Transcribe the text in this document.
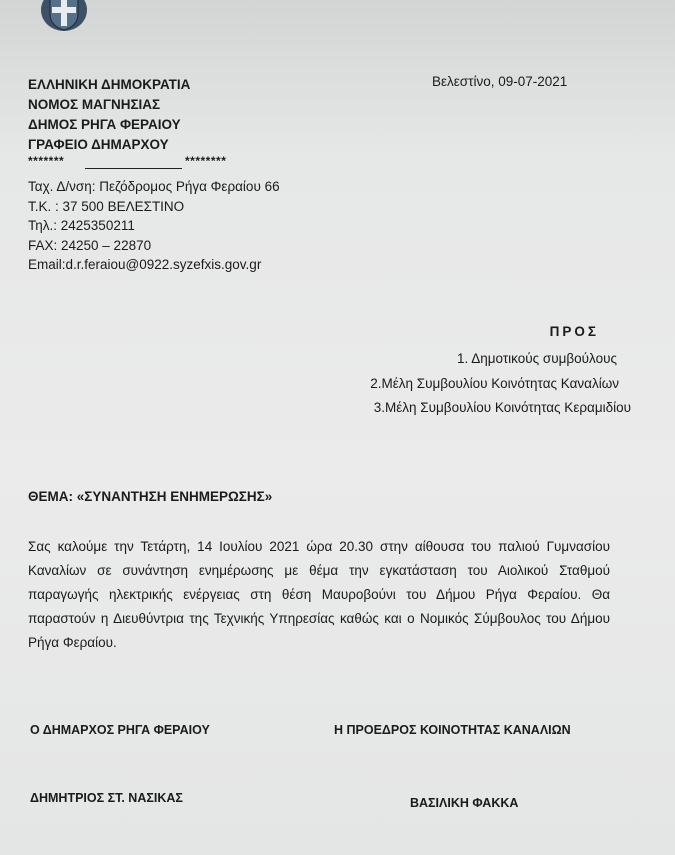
ΕΛΛΗΝΙΚΗ ΔΗΜΟΚΡΑΤΙΑ
ΝΟΜΟΣ ΜΑΓΝΗΣΙΑΣ
ΔΗΜΟΣ ΡΗΓΑ ΦΕΡΑΙΟΥ
ΓΡΑΦΕΙΟ ΔΗΜΑΡΧΟΥ
*******	********
Βελεστίνο, 09-07-2021
Ταχ. Δ/νση: Πεζόδρομος Ρήγα Φεραίου 66
Τ.Κ. : 37 500 ΒΕΛΕΣΤΙΝΟ
Τηλ.: 2425350211
FAX: 24250 – 22870
Email:d.r.feraiou@0922.syzefxis.gov.gr
ΠΡΟΣ
1. Δημοτικούς συμβούλους
2.Μέλη Συμβουλίου Κοινότητας Καναλίων
3.Μέλη Συμβουλίου Κοινότητας Κεραμιδίου
ΘΕΜΑ: «ΣΥΝΑΝΤΗΣΗ ΕΝΗΜΕΡΩΣΗΣ»
Σας καλούμε την Τετάρτη, 14 Ιουλίου 2021 ώρα 20.30 στην αίθουσα του παλιού Γυμνασίου Καναλίων σε συνάντηση ενημέρωσης με θέμα την εγκατάσταση του Αιολικού Σταθμού παραγωγής ηλεκτρικής ενέργειας στη θέση Μαυροβούνι του Δήμου Ρήγα Φεραίου. Θα παραστούν η Διευθύντρια της Τεχνικής Υπηρεσίας καθώς και ο Νομικός Σύμβουλος του Δήμου Ρήγα Φεραίου.
Ο ΔΗΜΑΡΧΟΣ ΡΗΓΑ ΦΕΡΑΙΟΥ	Η ΠΡΟΕΔΡΟΣ ΚΟΙΝΟΤΗΤΑΣ ΚΑΝΑΛΙΩΝ
ΔΗΜΗΤΡΙΟΣ ΣΤ. ΝΑΣΙΚΑΣ	ΒΑΣΙΛΙΚΗ ΦΑΚΚΑ
